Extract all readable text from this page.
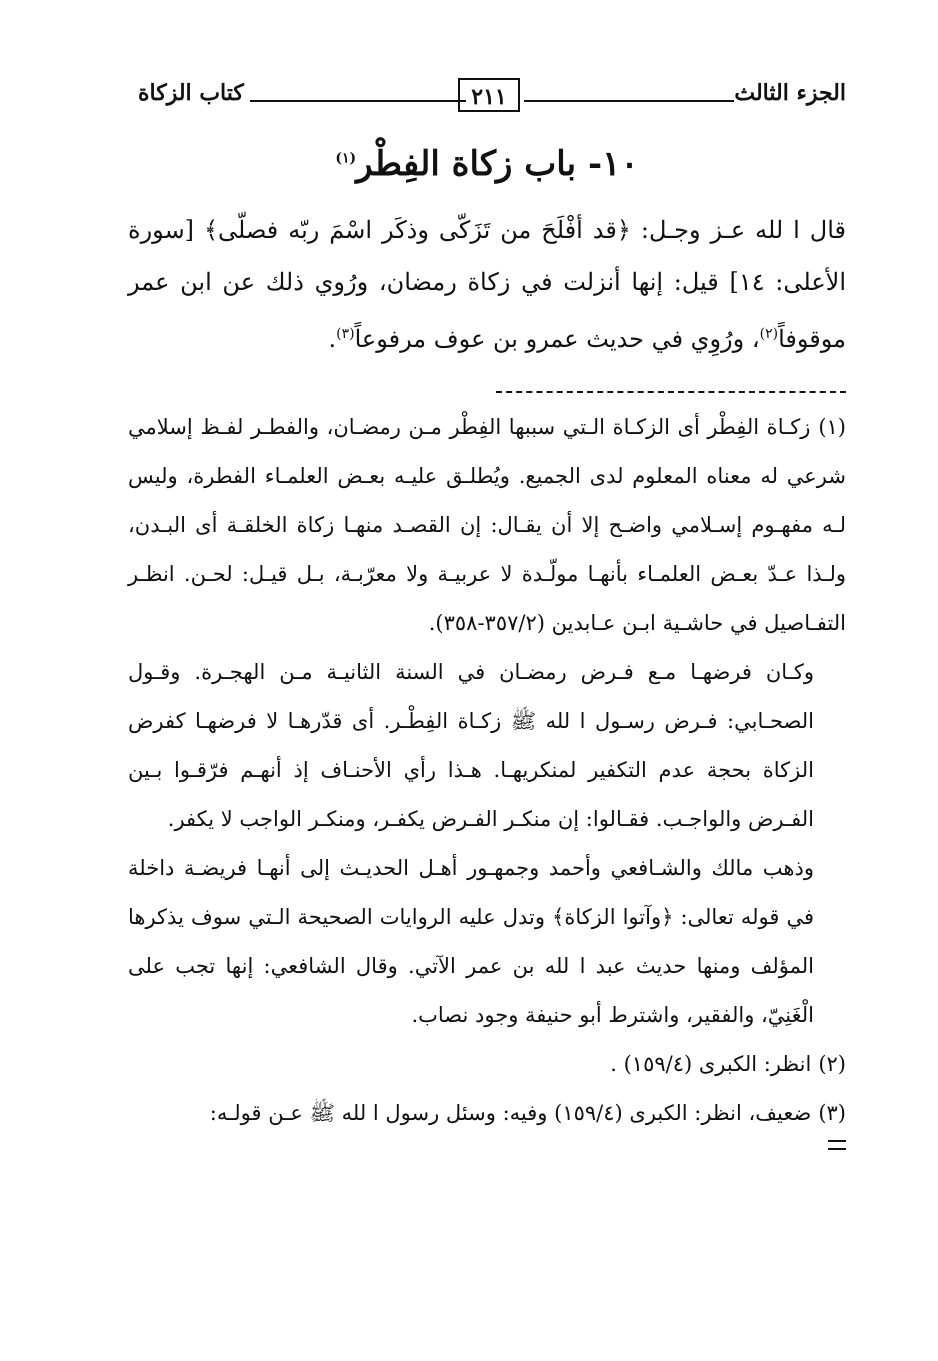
الجزء الثالث
٢١١
كتاب الزكاة
١٠- باب زكاة الفِطْر$^{(١)}$

قال ا لله عـز وجـل: ﴿قد أفْلَحَ من تَزَكّى وذكَر اسْمَ ربّه فصلّى﴾ [سورة الأعلى: ١٤] قيل: إنها أنزلت في زكاة رمضان، ورُوي ذلك عن ابن عمر موقوفاً$^{(٢)}$، ورُوِي في حديث عمرو بن عوف مرفوعاً$^{(٣)}$.

(١) زكـاة الفِطْر أى الزكـاة الـتي سببها الفِطْر مـن رمضـان، والفطـر لفـظ إسلامي شرعي له معناه المعلوم لدى الجميع. ويُطلـق عليـه بعـض العلمـاء الفطرة، وليس لـه مفهـوم إسـلامي واضـح إلا أن يقـال: إن القصـد منهـا زكاة الخلقـة أى البـدن، ولـذا عـدّ بعـض العلمـاء بأنهـا مولّـدة لا عربيـة ولا معرّبـة، بـل قيـل: لحـن. انظـر التفـاصيل في حاشـية ابـن عـابدين (٣٥٧/٢-٣٥٨).

وكـان فرضهـا مـع فـرض رمضـان في السنة الثانيـة مـن الهجـرة. وقـول الصحـابي: فـرض رسـول ا لله ﷺ زكـاة الفِطْـر. أى قدّرهـا لا فرضهـا كفرض الزكاة بحجة عدم التكفير لمنكريهـا. هـذا رأي الأحنـاف إذ أنهـم فرّقـوا بـين الفـرض والواجـب. فقـالوا: إن منكـر الفـرض يكفـر، ومنكـر الواجب لا يكفر.

وذهب مالك والشـافعي وأحمد وجمهـور أهـل الحديـث إلى أنهـا فريضـة داخلة في قوله تعالى: ﴿وآتوا الزكاة﴾ وتدل عليه الروايات الصحيحة الـتي سوف يذكرها المؤلف ومنها حديث عبد ا لله بن عمر الآتي. وقال الشافعي: إنها تجب على الْغَنِيّ، والفقير، واشترط أبو حنيفة وجود نصاب.

(٢) انظر: الكبرى (١٥٩/٤) .

(٣) ضعيف، انظر: الكبرى (١٥٩/٤) وفيه: وسئل رسول ا لله ﷺ عـن قولـه:
